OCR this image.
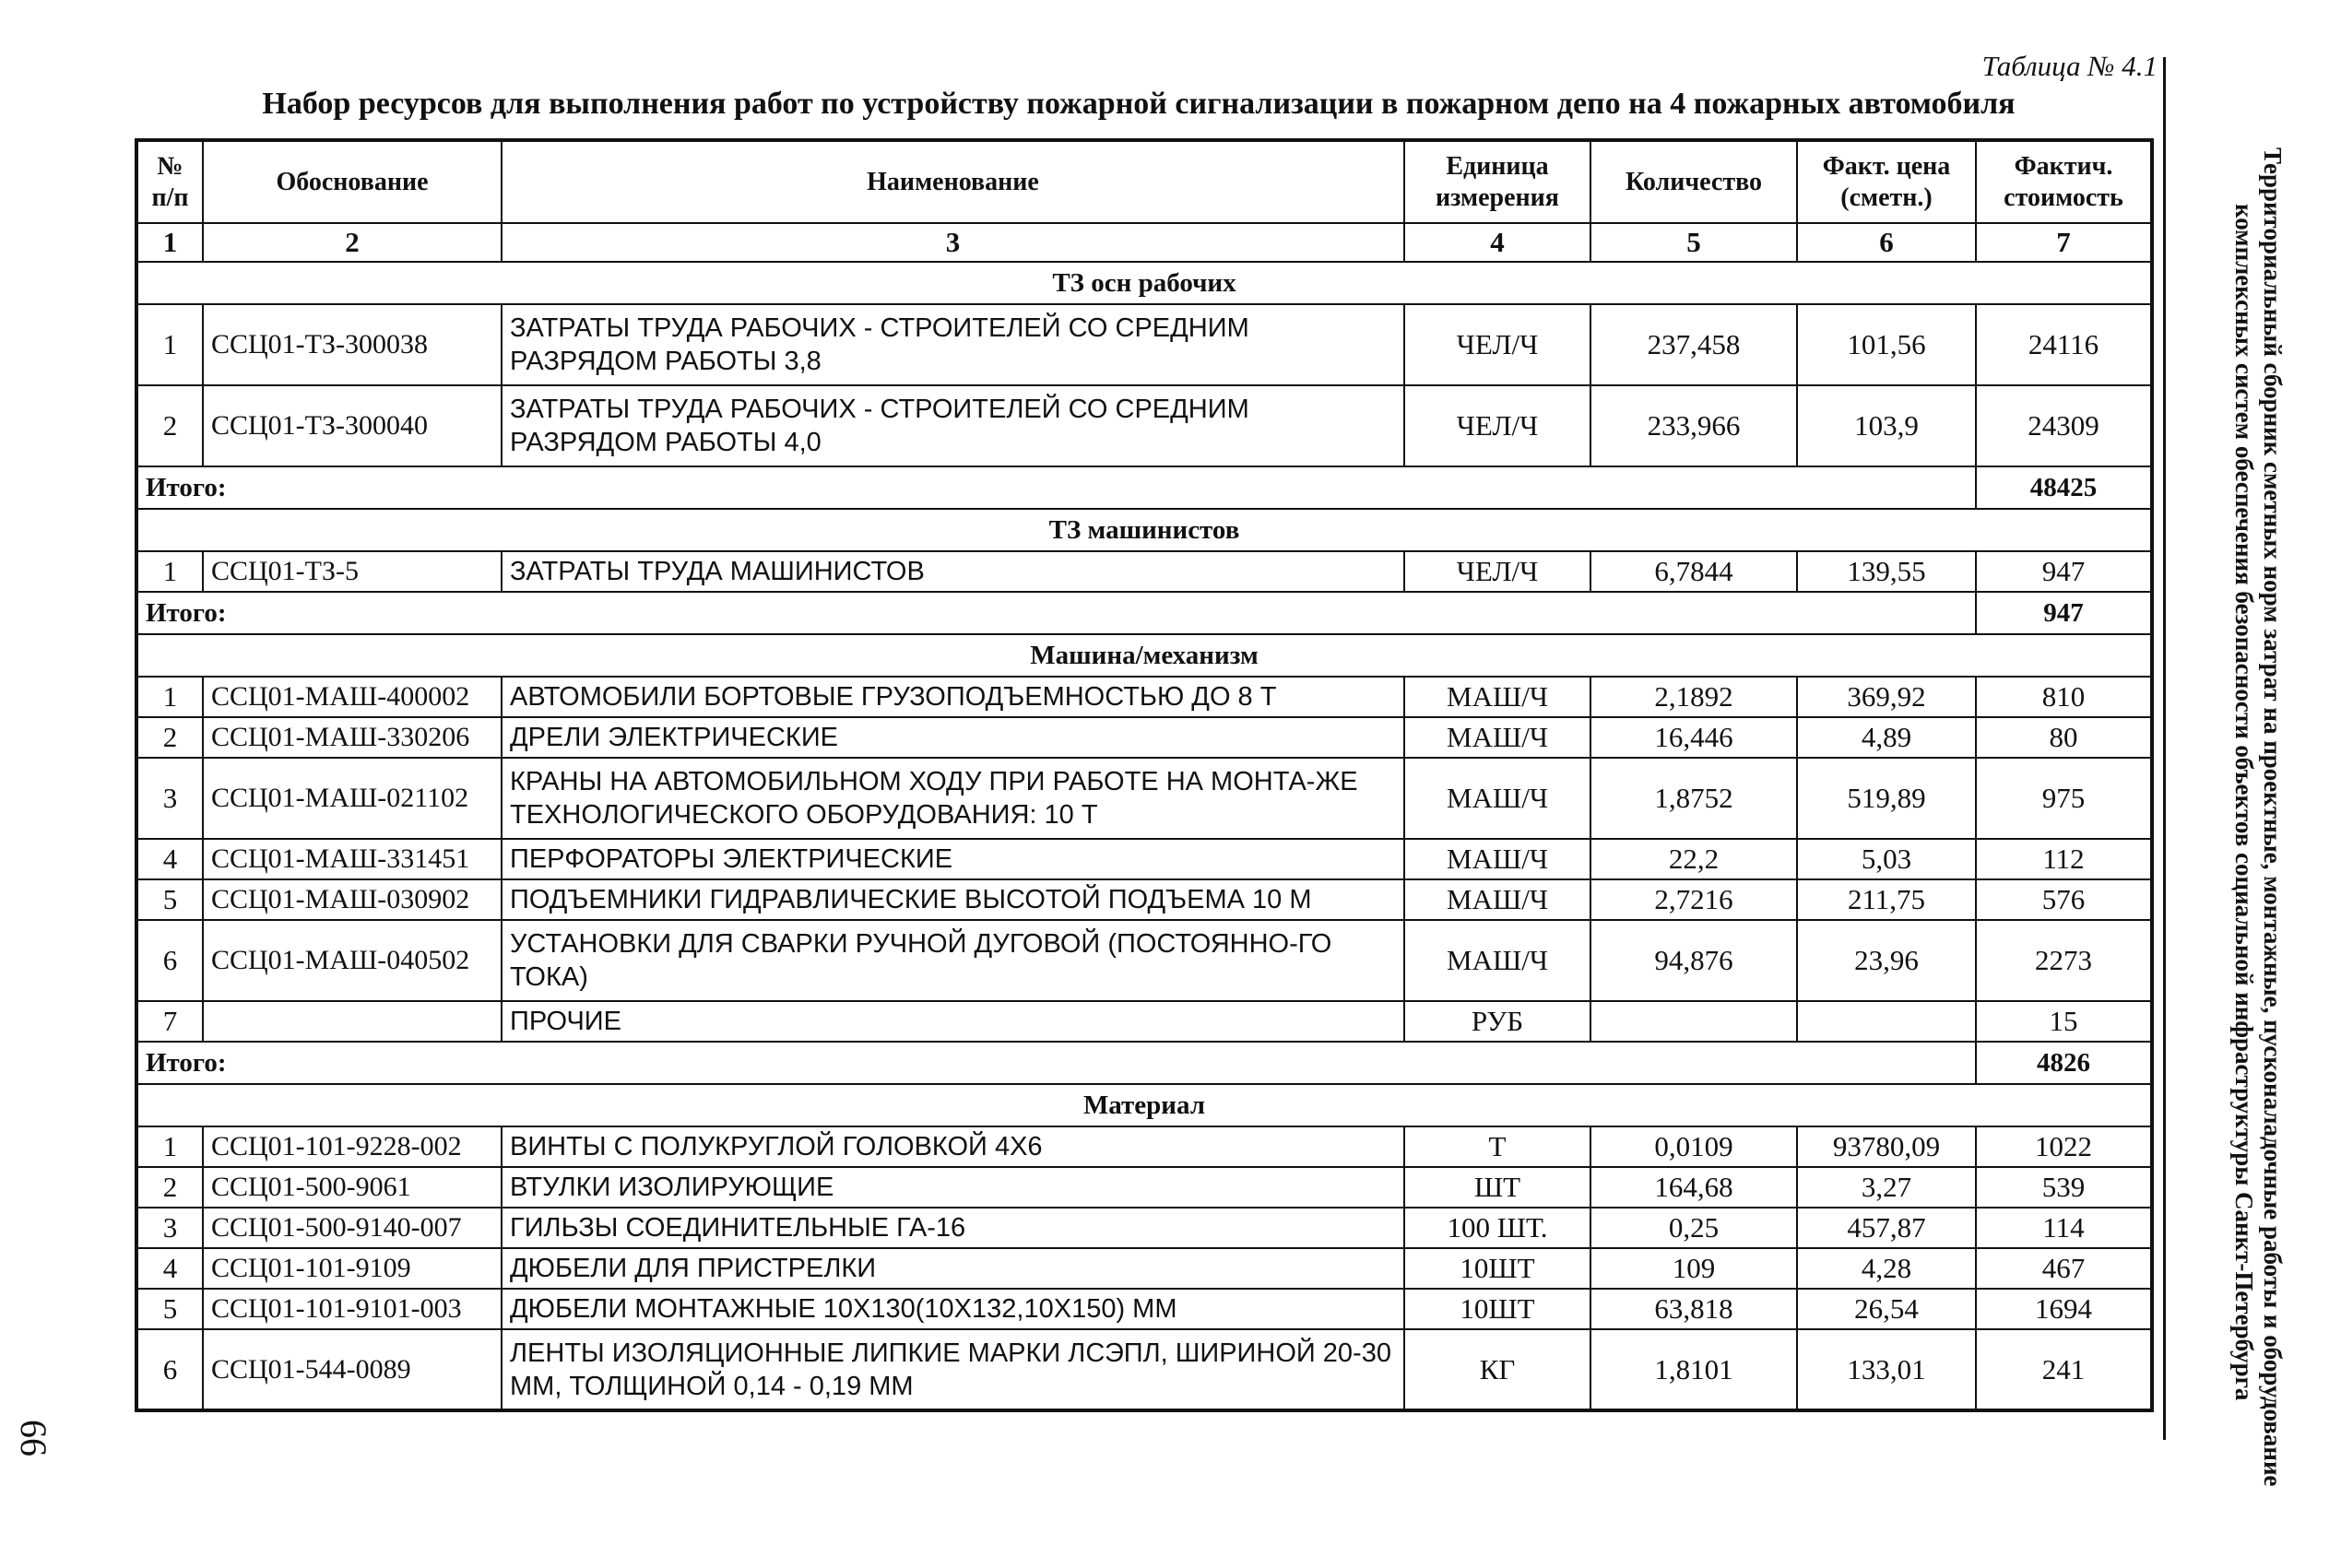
Таблица № 4.1
Набор ресурсов для выполнения работ по устройству пожарной сигнализации в пожарном депо на 4 пожарных автомобиля
Территориальный сборник сметных норм затрат на проектные, монтажные, пусконаладочные работы и оборудование
комплексных систем обеспечения безопасности объектов социальной инфраструктуры Санкт-Петербурга
66
№ п/п	Обоснование	Наименование	Единица измерения	Количество	Факт. цена (сметн.)	Фактич. стоимость
1	2	3	4	5	6	7
ТЗ осн рабочих						
1	ССЦ01-ТЗ-300038	ЗАТРАТЫ ТРУДА РАБОЧИХ - СТРОИТЕЛЕЙ СО СРЕДНИМ РАЗРЯДОМ РАБОТЫ 3,8	ЧЕЛ/Ч	237,458	101,56	24116
2	ССЦ01-ТЗ-300040	ЗАТРАТЫ ТРУДА РАБОЧИХ - СТРОИТЕЛЕЙ СО СРЕДНИМ РАЗРЯДОМ РАБОТЫ 4,0	ЧЕЛ/Ч	233,966	103,9	24309
Итого:						48425
ТЗ машинистов						
1	ССЦ01-ТЗ-5	ЗАТРАТЫ ТРУДА МАШИНИСТОВ	ЧЕЛ/Ч	6,7844	139,55	947
Итого:						947
Машина/механизм						
1	ССЦ01-МАШ-400002	АВТОМОБИЛИ БОРТОВЫЕ ГРУЗОПОДЪЕМНОСТЬЮ ДО 8 Т	МАШ/Ч	2,1892	369,92	810
2	ССЦ01-МАШ-330206	ДРЕЛИ ЭЛЕКТРИЧЕСКИЕ	МАШ/Ч	16,446	4,89	80
3	ССЦ01-МАШ-021102	КРАНЫ НА АВТОМОБИЛЬНОМ ХОДУ ПРИ РАБОТЕ НА МОНТА-ЖЕ ТЕХНОЛОГИЧЕСКОГО ОБОРУДОВАНИЯ: 10 Т	МАШ/Ч	1,8752	519,89	975
4	ССЦ01-МАШ-331451	ПЕРФОРАТОРЫ ЭЛЕКТРИЧЕСКИЕ	МАШ/Ч	22,2	5,03	112
5	ССЦ01-МАШ-030902	ПОДЪЕМНИКИ ГИДРАВЛИЧЕСКИЕ ВЫСОТОЙ ПОДЪЕМА 10 М	МАШ/Ч	2,7216	211,75	576
6	ССЦ01-МАШ-040502	УСТАНОВКИ ДЛЯ СВАРКИ РУЧНОЙ ДУГОВОЙ (ПОСТОЯННО-ГО ТОКА)	МАШ/Ч	94,876	23,96	2273
7		ПРОЧИЕ	РУБ			15
Итого:						4826
Материал						
1	ССЦ01-101-9228-002	ВИНТЫ С ПОЛУКРУГЛОЙ ГОЛОВКОЙ 4Х6	Т	0,0109	93780,09	1022
2	ССЦ01-500-9061	ВТУЛКИ ИЗОЛИРУЮЩИЕ	ШТ	164,68	3,27	539
3	ССЦ01-500-9140-007	ГИЛЬЗЫ СОЕДИНИТЕЛЬНЫЕ ГА-16	100 ШТ.	0,25	457,87	114
4	ССЦ01-101-9109	ДЮБЕЛИ ДЛЯ ПРИСТРЕЛКИ	10ШТ	109	4,28	467
5	ССЦ01-101-9101-003	ДЮБЕЛИ МОНТАЖНЫЕ 10Х130(10Х132,10Х150) ММ	10ШТ	63,818	26,54	1694
6	ССЦ01-544-0089	ЛЕНТЫ ИЗОЛЯЦИОННЫЕ ЛИПКИЕ МАРКИ ЛСЭПЛ, ШИРИНОЙ 20-30 ММ, ТОЛЩИНОЙ 0,14 - 0,19 ММ	КГ	1,8101	133,01	241
